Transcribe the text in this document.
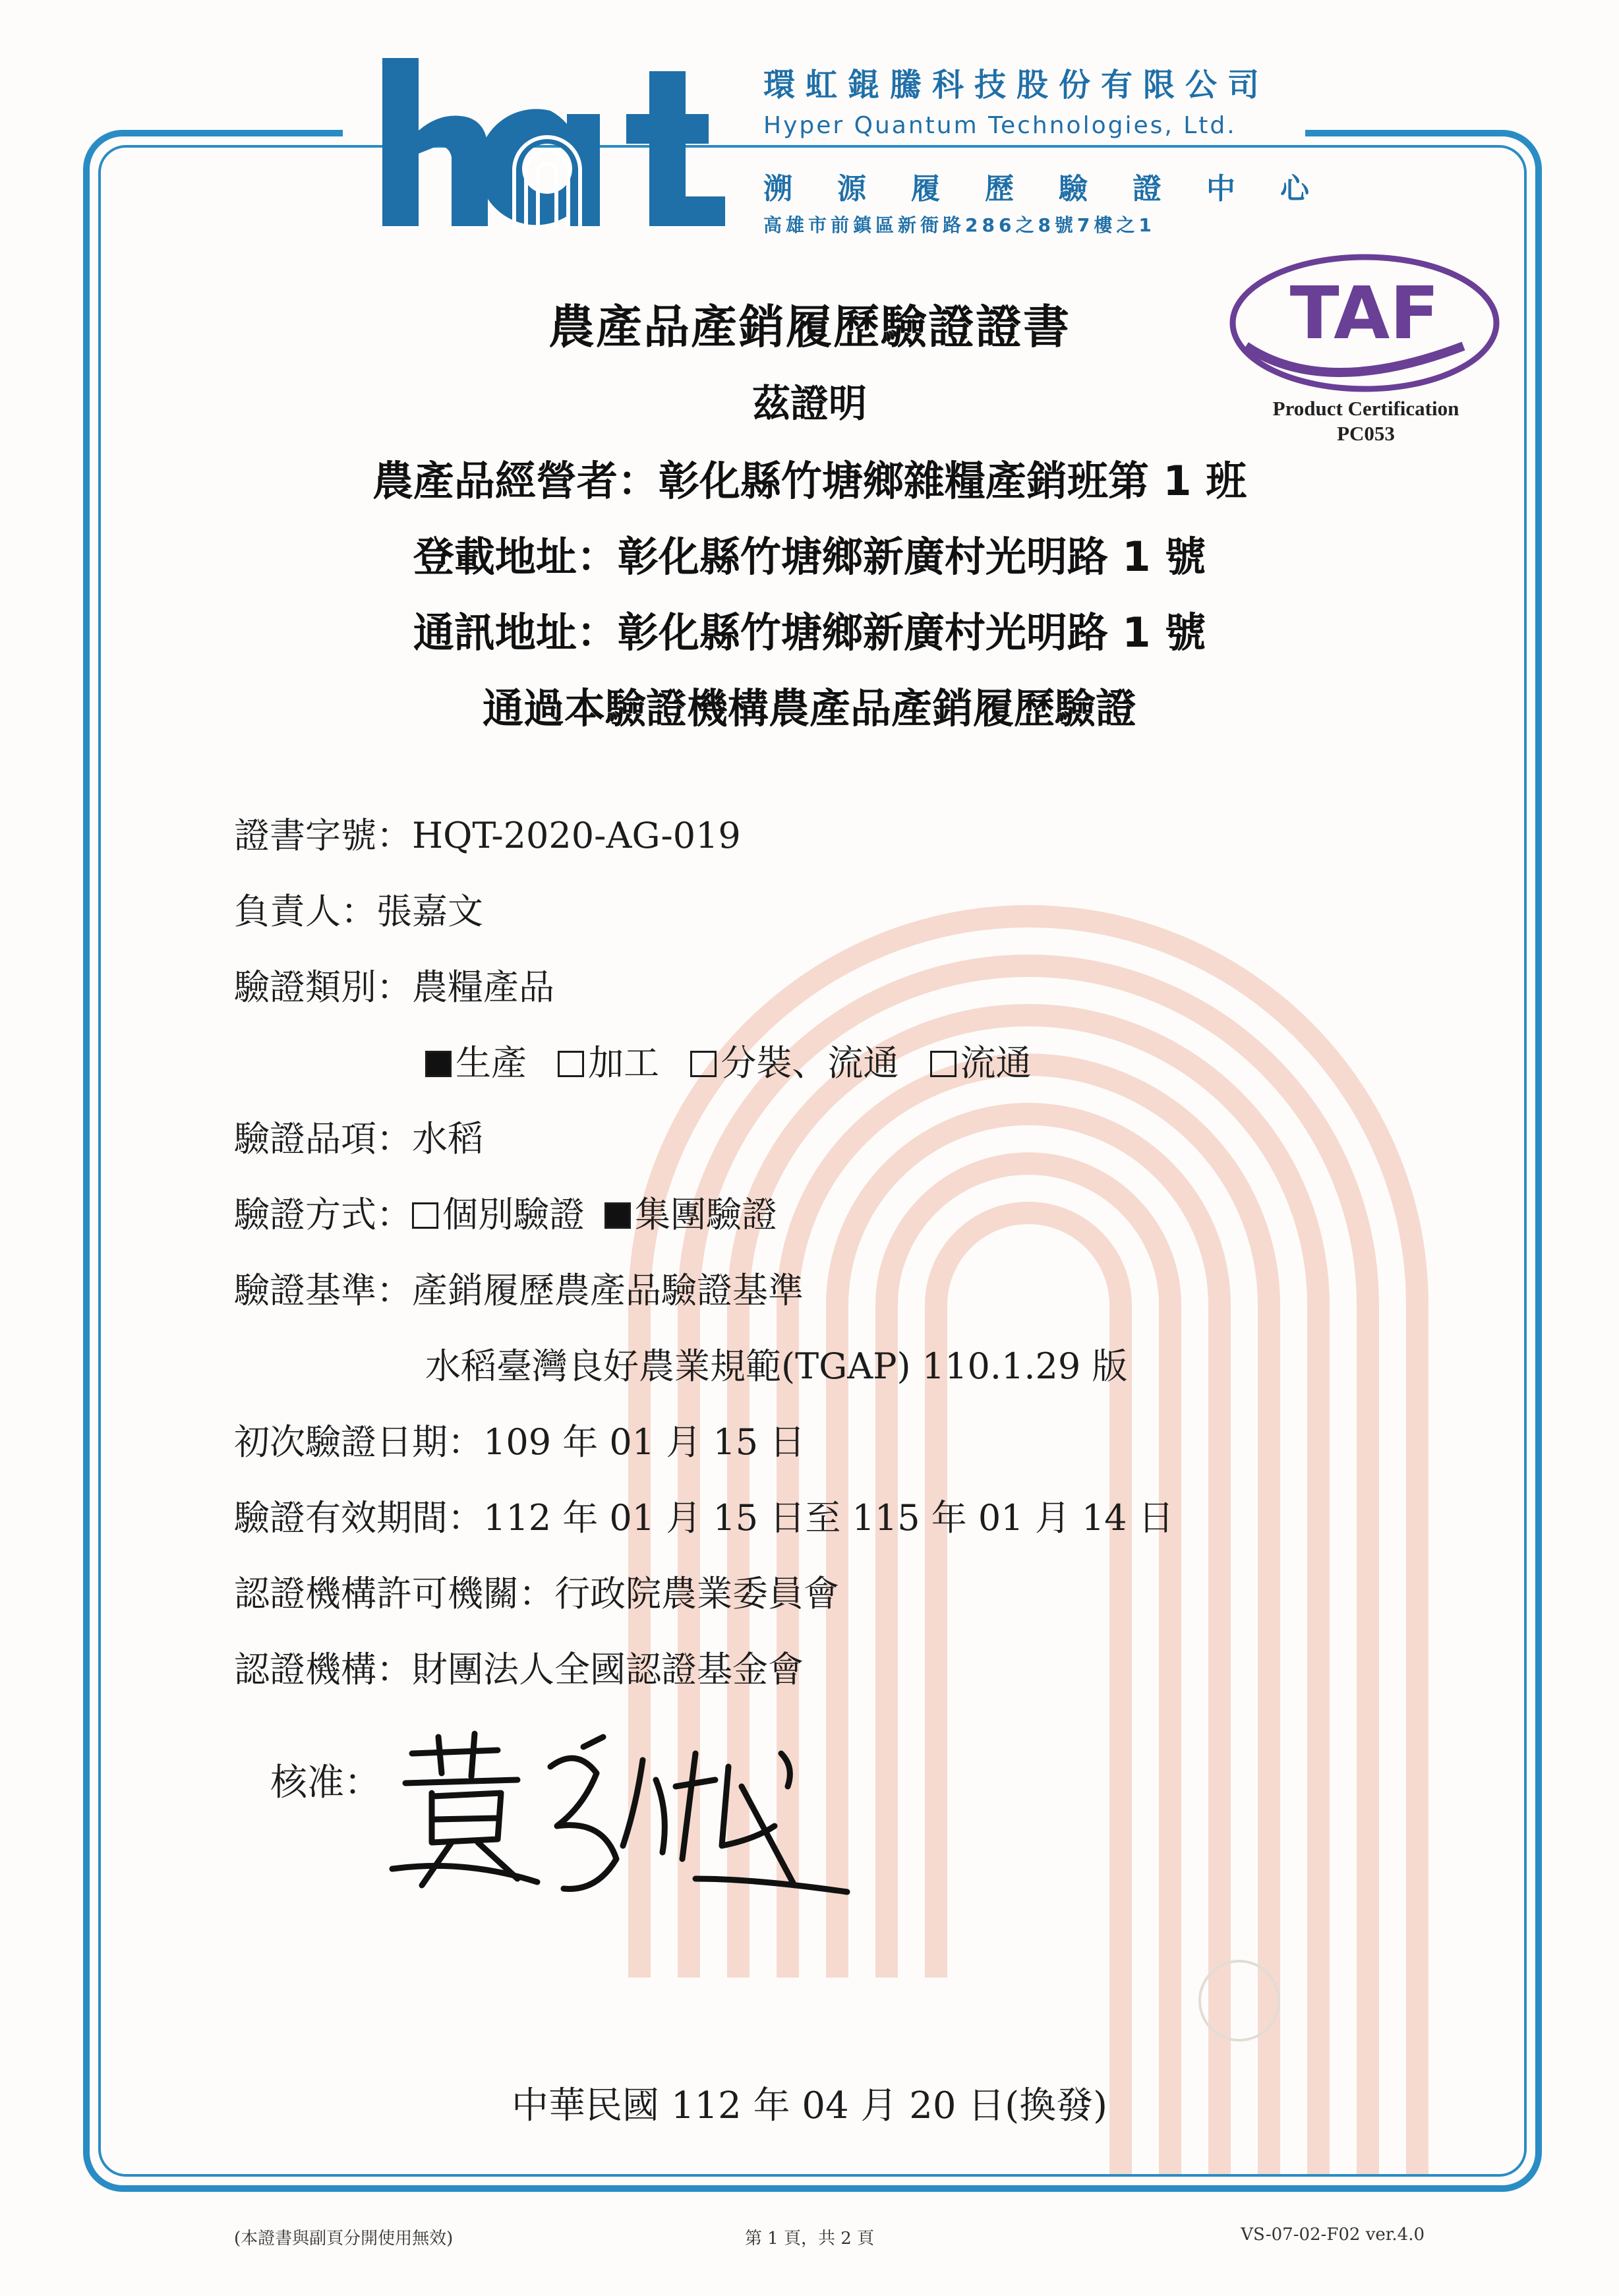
環虹錕騰科技股份有限公司
Hyper Quantum Technologies, Ltd.
溯源履歷驗證中心
高雄市前鎮區新衙路286之8號7樓之1
TAF
Product Certification
PC053
農產品產銷履歷驗證證書
茲證明
農產品經營者：彰化縣竹塘鄉雜糧產銷班第 1 班
登載地址：彰化縣竹塘鄉新廣村光明路 1 號
通訊地址：彰化縣竹塘鄉新廣村光明路 1 號
通過本驗證機構農產品產銷履歷驗證
證書字號：HQT-2020-AG-019
負責人：張嘉文
驗證類別：農糧產品
生產 加工 分裝、流通 流通
驗證品項：水稻
驗證方式： 個別驗證 集團驗證
驗證基準：產銷履歷農產品驗證基準
水稻臺灣良好農業規範(TGAP) 110.1.29 版
初次驗證日期：109 年 01 月 15 日
驗證有效期間：112 年 01 月 15 日至 115 年 01 月 14 日
認證機構許可機關：行政院農業委員會
認證機構：財團法人全國認證基金會
核准：
中華民國 112 年 04 月 20 日(換發)
(本證書與副頁分開使用無效)	第 1 頁，共 2 頁	VS-07-02-F02 ver.4.0
